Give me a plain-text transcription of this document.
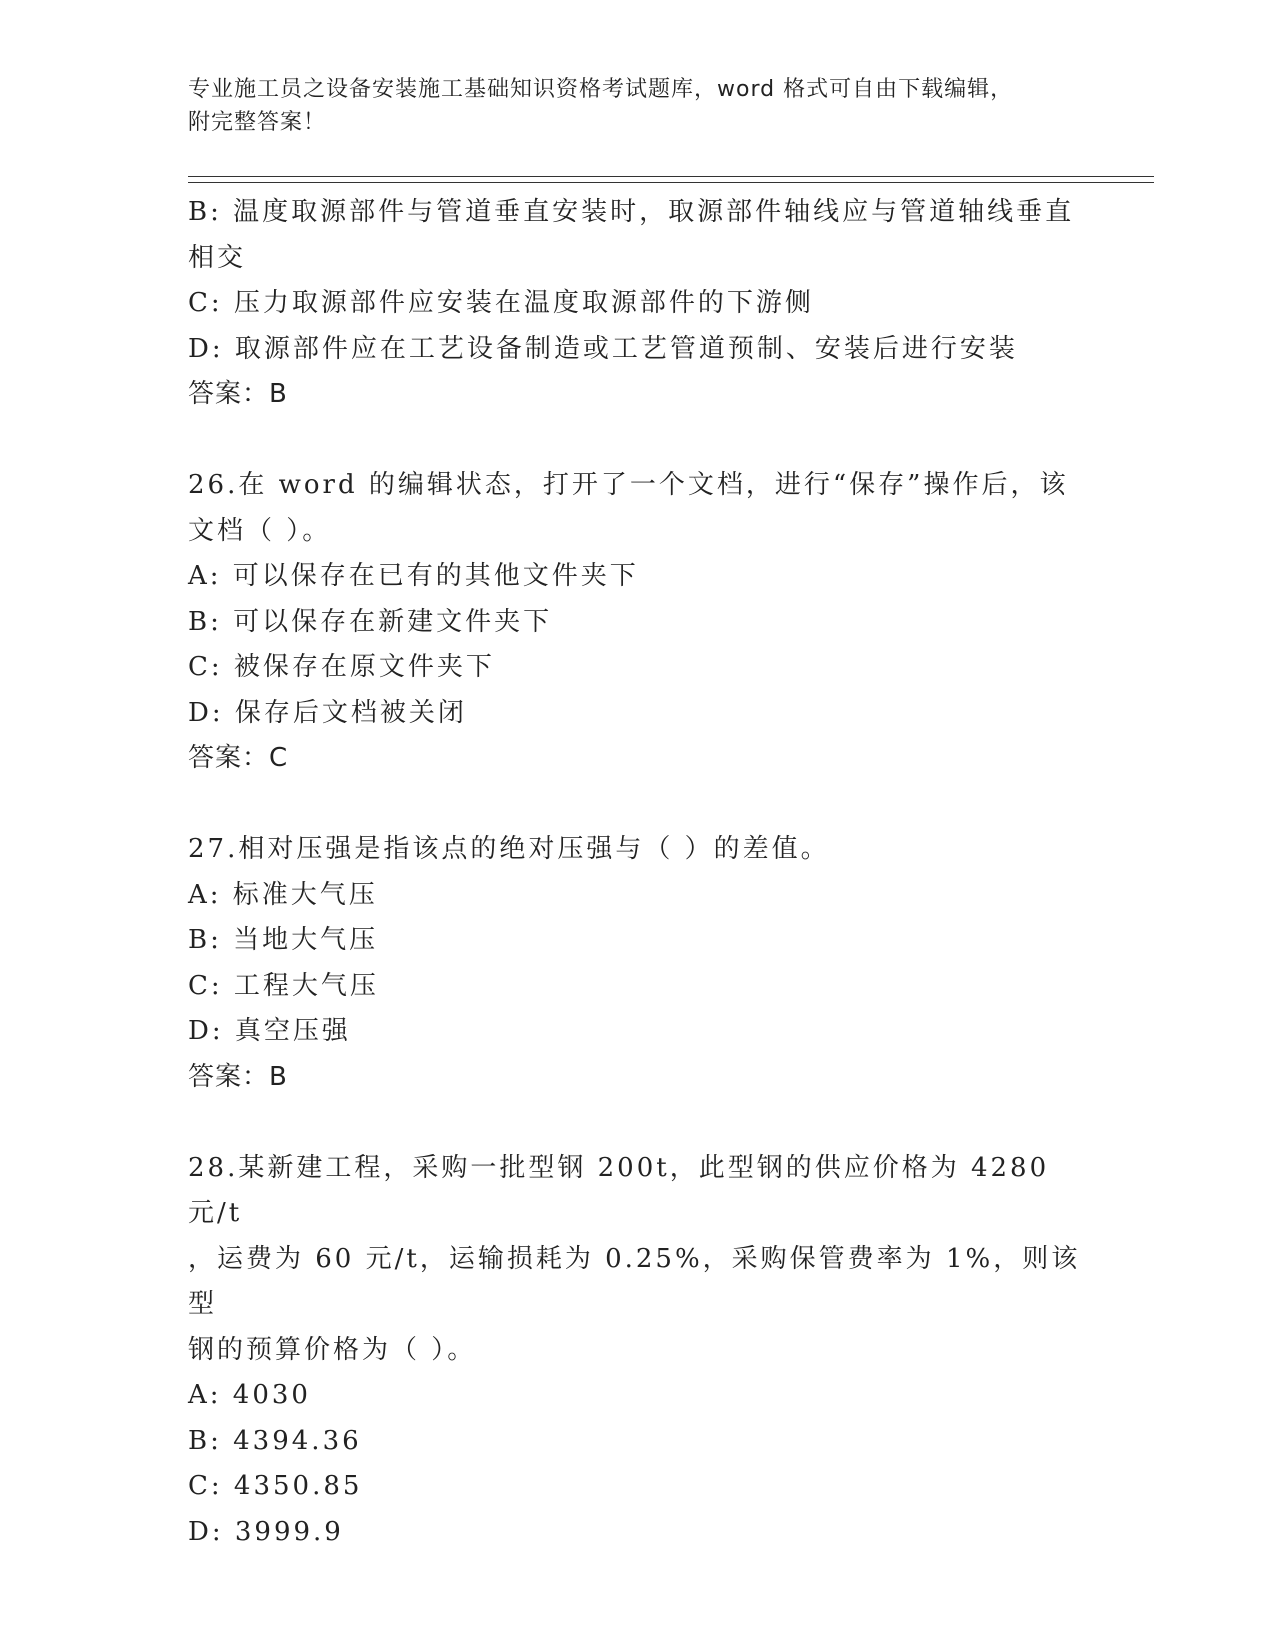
专业施工员之设备安装施工基础知识资格考试题库，word 格式可自由下载编辑，
附完整答案！
B: 温度取源部件与管道垂直安装时，取源部件轴线应与管道轴线垂直
相交
C: 压力取源部件应安装在温度取源部件的下游侧
D: 取源部件应在工艺设备制造或工艺管道预制、安装后进行安装
答案：B
26.在 word 的编辑状态，打开了一个文档，进行“保存”操作后，该
文档（ ）。
A: 可以保存在已有的其他文件夹下
B: 可以保存在新建文件夹下
C: 被保存在原文件夹下
D: 保存后文档被关闭
答案：C
27.相对压强是指该点的绝对压强与（ ）的差值。
A: 标准大气压
B: 当地大气压
C: 工程大气压
D: 真空压强
答案：B
28.某新建工程，采购一批型钢 200t，此型钢的供应价格为 4280 元/t
，运费为 60 元/t，运输损耗为 0.25%，采购保管费率为 1%，则该型
钢的预算价格为（ ）。
A: 4030
B: 4394.36
C: 4350.85
D: 3999.9
